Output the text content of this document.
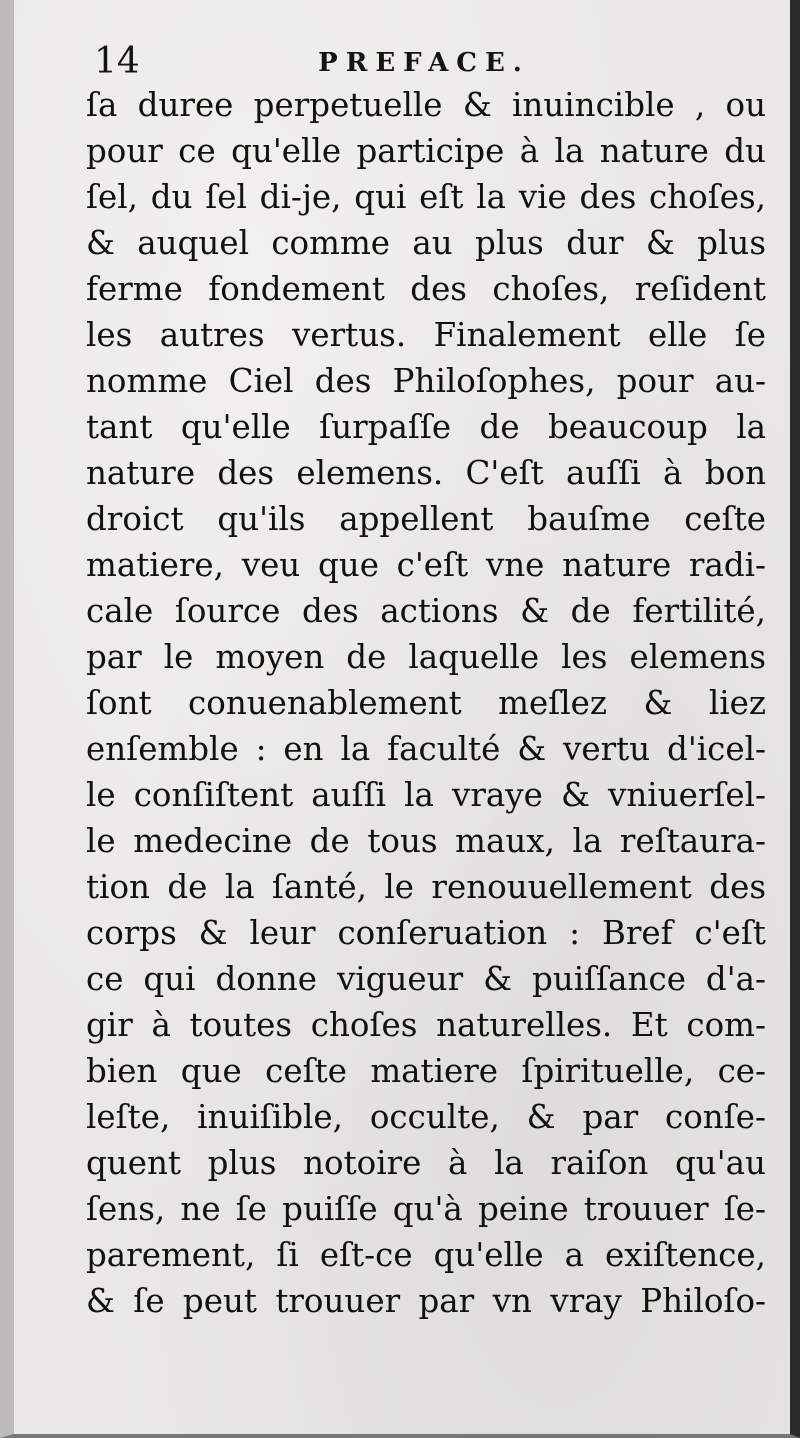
14	PREFACE.
ſa duree perpetuelle & inuincible , ou
pour ce qu'elle participe à la nature du
ſel, du ſel di-je, qui eſt la vie des choſes,
& auquel comme au plus dur & plus
ferme fondement des choſes, reſident
les autres vertus. Finalement elle ſe
nomme Ciel des Philoſophes, pour au-
tant qu'elle ſurpaſſe de beaucoup la
nature des elemens. C'eſt auſſi à bon
droict qu'ils appellent bauſme ceſte
matiere, veu que c'eſt vne nature radi-
cale ſource des actions & de fertilité,
par le moyen de laquelle les elemens
ſont conuenablement meſlez & liez
enſemble : en la faculté & vertu d'icel-
le conſiſtent auſſi la vraye & vniuerſel-
le medecine de tous maux, la reſtaura-
tion de la ſanté, le renouuellement des
corps & leur conſeruation : Bref c'eſt
ce qui donne vigueur & puiſſance d'a-
gir à toutes choſes naturelles. Et com-
bien que ceſte matiere ſpirituelle, ce-
leſte, inuiſible, occulte, & par conſe-
quent plus notoire à la raiſon qu'au
ſens, ne ſe puiſſe qu'à peine trouuer ſe-
parement, ſi eſt-ce qu'elle a exiſtence,
& ſe peut trouuer par vn vray Philoſo-
